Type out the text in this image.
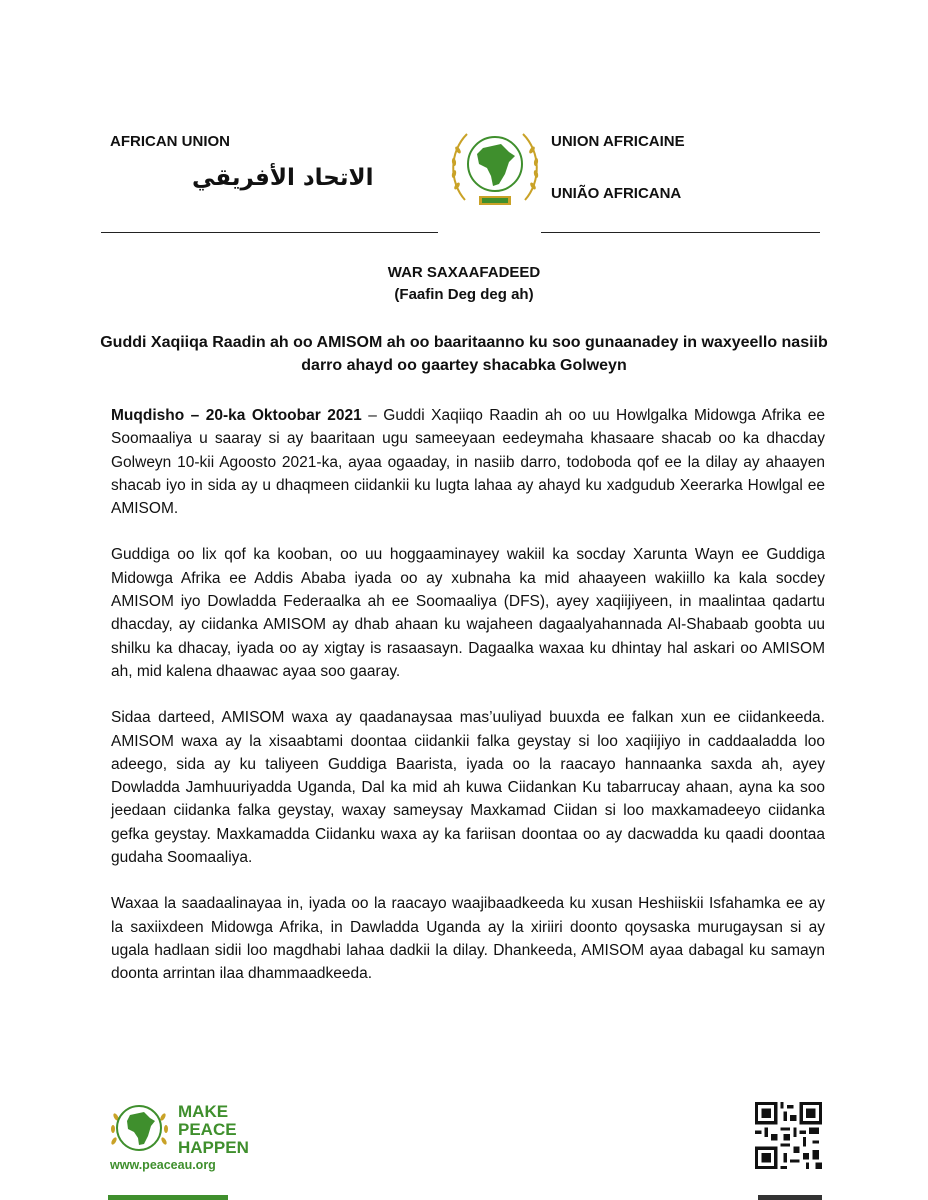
AFRICAN UNION
الاتحاد الأفريقي
UNION AFRICAINE
UNIÃO AFRICANA
WAR SAXAAFADEED
(Faafin Deg deg ah)
Guddi Xaqiiqa Raadin ah oo AMISOM ah oo baaritaanno ku soo gunaanadey in waxyeello nasiib darro ahayd oo gaartey shacabka Golweyn

Muqdisho – 20-ka Oktoobar 2021 – Guddi Xaqiiqo Raadin ah oo uu Howlgalka Midowga Afrika ee Soomaaliya u saaray si ay baaritaan ugu sameeyaan eedeymaha khasaare shacab oo ka dhacday Golweyn 10-kii Agoosto 2021-ka, ayaa ogaaday, in nasiib darro, todoboda qof ee la dilay ay ahaayen shacab iyo in sida ay u dhaqmeen ciidankii ku lugta lahaa ay ahayd ku xadgudub Xeerarka Howlgal ee AMISOM.

Guddiga oo lix qof ka kooban, oo uu hoggaaminayey wakiil ka socday Xarunta Wayn ee Guddiga Midowga Afrika ee Addis Ababa iyada oo ay xubnaha ka mid ahaayeen wakiillo ka kala socdey AMISOM iyo Dowladda Federaalka ah ee Soomaaliya (DFS), ayey xaqiijiyeen, in maalintaa qadartu dhacday, ay ciidanka AMISOM ay dhab ahaan ku wajaheen dagaalyahannada Al-Shabaab goobta uu shilku ka dhacay, iyada oo ay xigtay is rasaasayn. Dagaalka waxaa ku dhintay hal askari oo AMISOM ah, mid kalena dhaawac ayaa soo gaaray.

Sidaa darteed, AMISOM waxa ay qaadanaysaa mas’uuliyad buuxda ee falkan xun ee ciidankeeda. AMISOM waxa ay la xisaabtami doontaa ciidankii falka geystay si loo xaqiijiyo in caddaaladda loo adeego, sida ay ku taliyeen Guddiga Baarista, iyada oo la raacayo hannaanka saxda ah, ayey Dowladda Jamhuuriyadda Uganda, Dal ka mid ah kuwa Ciidankan Ku tabarrucay ahaan, ayna ka soo jeedaan ciidanka falka geystay, waxay sameysay Maxkamad Ciidan si loo maxkamadeeyo ciidanka gefka geystay. Maxkamadda Ciidanku waxa ay ka fariisan doontaa oo ay dacwadda ku qaadi doontaa gudaha Soomaaliya.

Waxaa la saadaalinayaa in, iyada oo la raacayo waajibaadkeeda ku xusan Heshiiskii Isfahamka ee ay la saxiixdeen Midowga Afrika, in Dawladda Uganda ay la xiriiri doonto qoysaska murugaysan si ay ugala hadlaan sidii loo magdhabi lahaa dadkii la dilay. Dhankeeda, AMISOM ayaa dabagal ku samayn doonta arrintan ilaa dhammaadkeeda.

MAKE
PEACE
HAPPEN
www.peaceau.org
